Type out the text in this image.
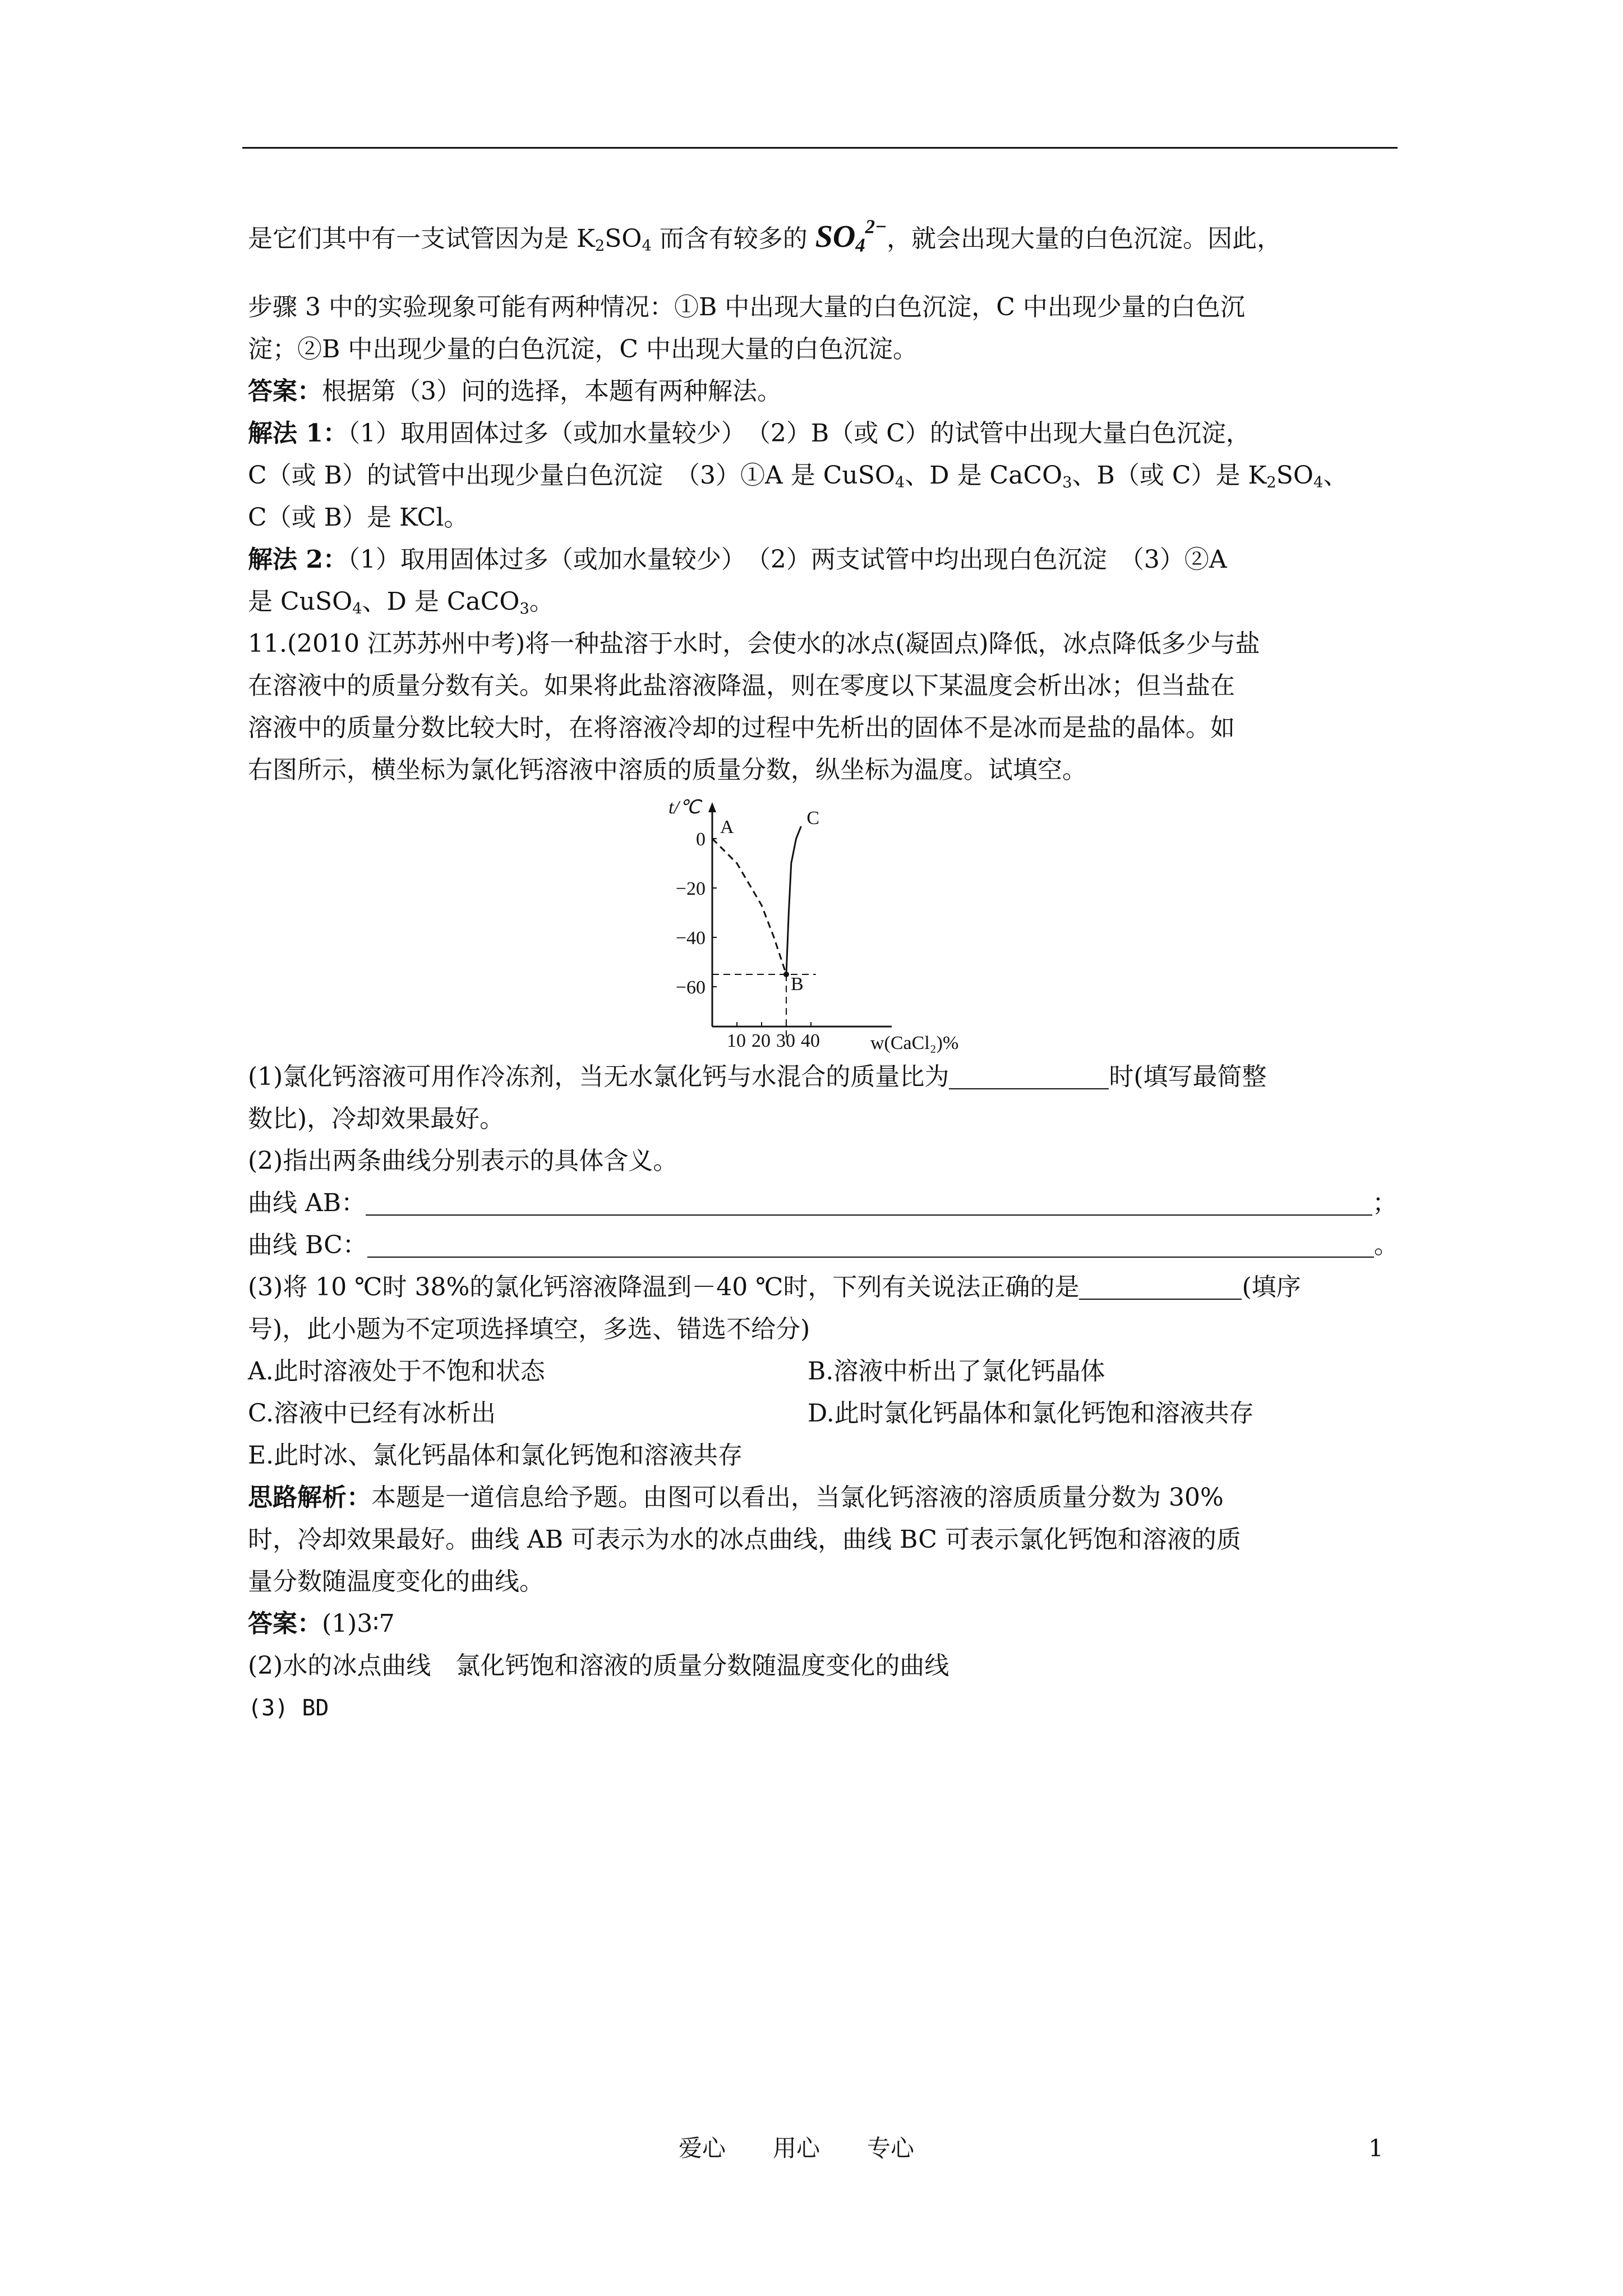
是它们其中有一支试管因为是 $K_2SO_4$ 而含有较多的 $SO_4^{2-}$，就会出现大量的白色沉淀。因此，
步骤 3 中的实验现象可能有两种情况：①B 中出现大量的白色沉淀，C 中出现少量的白色沉
淀；②B 中出现少量的白色沉淀，C 中出现大量的白色沉淀。
答案：根据第（3）问的选择，本题有两种解法。
解法 1：（1）取用固体过多（或加水量较少）　（2）B（或 C）的试管中出现大量白色沉淀，
C（或 B）的试管中出现少量白色沉淀　（3）①A 是 CuSO$_4$、D 是 CaCO$_3$、B（或 C）是 $K_2SO_4$、
C（或 B）是 KCl。
解法 2：（1）取用固体过多（或加水量较少）　（2）两支试管中均出现白色沉淀　（3）②A
是 CuSO$_4$、D 是 CaCO$_3$。
11.(2010 江苏苏州中考)将一种盐溶于水时，会使水的冰点(凝固点)降低，冰点降低多少与盐
在溶液中的质量分数有关。如果将此盐溶液降温，则在零度以下某温度会析出冰；但当盐在
溶液中的质量分数比较大时，在将溶液冷却的过程中先析出的固体不是冰而是盐的晶体。如
右图所示，横坐标为氯化钙溶液中溶质的质量分数，纵坐标为温度。试填空。
t/℃
w(CaCl₂)%
10 20 30 40
0
−20
−40
−60
A
B
C
(1)氯化钙溶液可用作冷冻剂，当无水氯化钙与水混合的质量比为	时(填写最简整
数比)，冷却效果最好。
(2)指出两条曲线分别表示的具体含义。
曲线 AB：	；
曲线 BC：	。
(3)将 10 ℃时 38%的氯化钙溶液降温到－40 ℃时，下列有关说法正确的是	(填序
号)，此小题为不定项选择填空，多选、错选不给分)
A.此时溶液处于不饱和状态	B.溶液中析出了氯化钙晶体
C.溶液中已经有冰析出	D.此时氯化钙晶体和氯化钙饱和溶液共存
E.此时冰、氯化钙晶体和氯化钙饱和溶液共存
思路解析：本题是一道信息给予题。由图可以看出，当氯化钙溶液的溶质质量分数为 30%
时，冷却效果最好。曲线 AB 可表示为水的冰点曲线，曲线 BC 可表示氯化钙饱和溶液的质
量分数随温度变化的曲线。
答案：(1)3∶7
(2)水的冰点曲线　氯化钙饱和溶液的质量分数随温度变化的曲线
(3) BD
爱心　　用心　　专心	1
